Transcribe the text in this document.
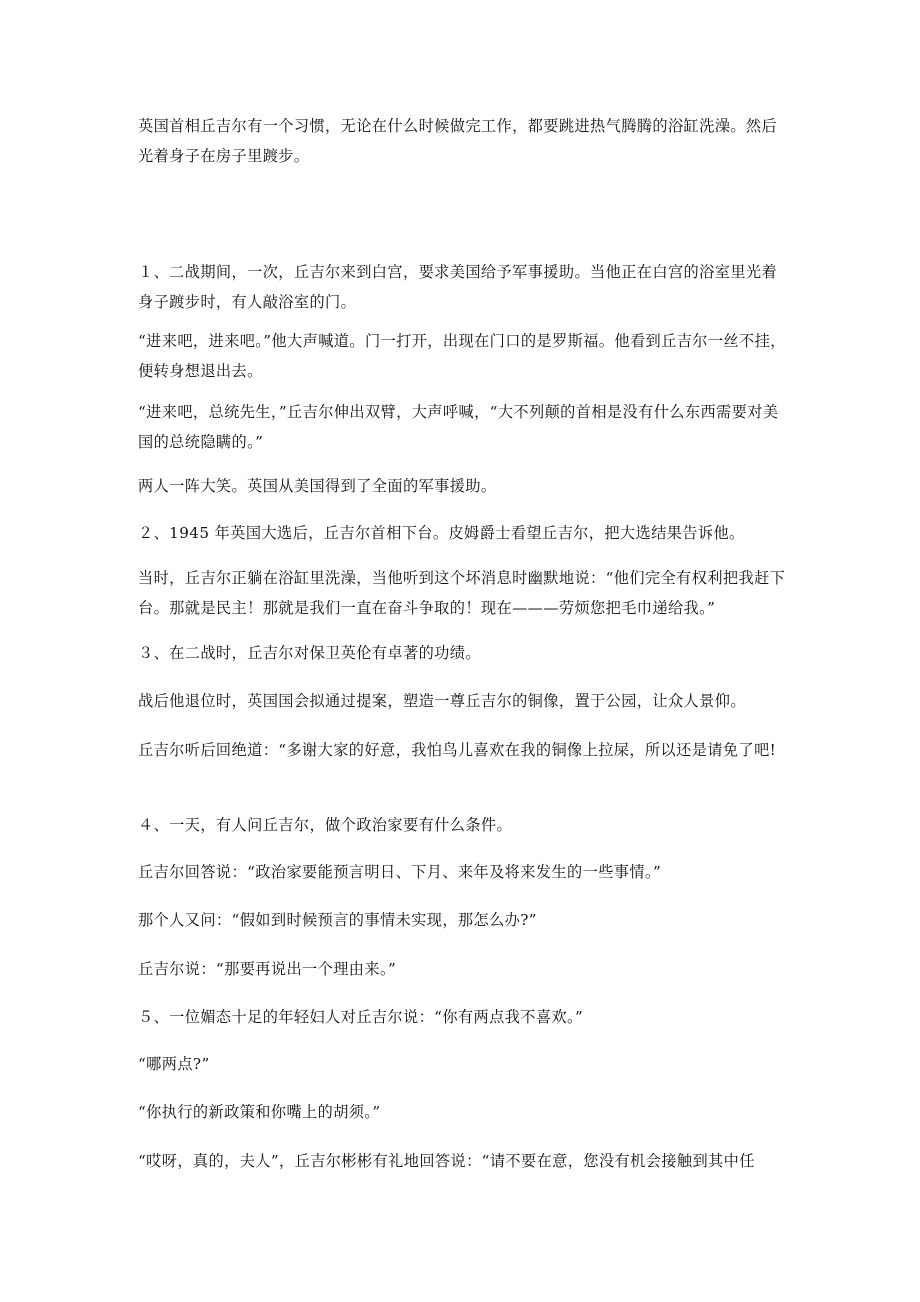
英国首相丘吉尔有一个习惯，无论在什么时候做完工作，都要跳进热气腾腾的浴缸洗澡。然后光着身子在房子里踱步。

１、二战期间，一次，丘吉尔来到白宫，要求美国给予军事援助。当他正在白宫的浴室里光着身子踱步时，有人敲浴室的门。

“进来吧，进来吧。”他大声喊道。门一打开，出现在门口的是罗斯福。他看到丘吉尔一丝不挂，便转身想退出去。

“进来吧，总统先生，”丘吉尔伸出双臂，大声呼喊，“大不列颠的首相是没有什么东西需要对美国的总统隐瞒的。”

两人一阵大笑。英国从美国得到了全面的军事援助。

２、1945 年英国大选后，丘吉尔首相下台。皮姆爵士看望丘吉尔，把大选结果告诉他。

当时，丘吉尔正躺在浴缸里洗澡，当他听到这个坏消息时幽默地说：“他们完全有权利把我赶下台。那就是民主！那就是我们一直在奋斗争取的！现在———劳烦您把毛巾递给我。”

３、在二战时，丘吉尔对保卫英伦有卓著的功绩。

战后他退位时，英国国会拟通过提案，塑造一尊丘吉尔的铜像，置于公园，让众人景仰。

丘吉尔听后回绝道：“多谢大家的好意，我怕鸟儿喜欢在我的铜像上拉屎，所以还是请免了吧!

４、一天，有人问丘吉尔，做个政治家要有什么条件。

丘吉尔回答说：“政治家要能预言明日、下月、来年及将来发生的一些事情。”

那个人又问：“假如到时候预言的事情未实现，那怎么办?”

丘吉尔说：“那要再说出一个理由来。”

５、一位媚态十足的年轻妇人对丘吉尔说：“你有两点我不喜欢。”

“哪两点?”

“你执行的新政策和你嘴上的胡须。”

“哎呀，真的，夫人”，丘吉尔彬彬有礼地回答说：“请不要在意，您没有机会接触到其中任
